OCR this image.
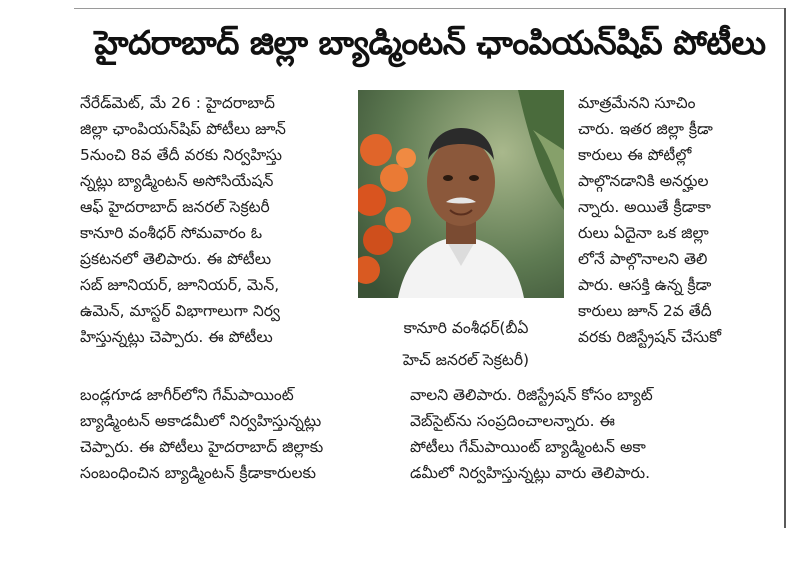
హైదరాబాద్ జిల్లా బ్యాడ్మింటన్ ఛాంపియన్‌షిప్ పోటీలు
నేరేడ్‌మెట్, మే 26 : హైదరాబాద్
జిల్లా ఛాంపియన్‌షిప్ పోటీలు జూన్
5నుంచి 8వ తేదీ వరకు నిర్వహిస్తు
న్నట్లు బ్యాడ్మింటన్ అసోసియేషన్
ఆఫ్ హైదరాబాద్ జనరల్ సెక్రటరీ
కానూరి వంశీధర్ సోమవారం ఓ
ప్రకటనలో తెలిపారు. ఈ పోటీలు
సబ్ జూనియర్, జూనియర్, మెన్,
ఉమెన్, మాస్టర్ విభాగాలుగా నిర్వ
హిస్తున్నట్లు చెప్పారు. ఈ పోటీలు
బండ్లగూడ జాగీర్‌లోని గేమ్‌పాయింట్
బ్యాడ్మింటన్ అకాడమీలో నిర్వహిస్తున్నట్లు
చెప్పారు. ఈ పోటీలు హైదరాబాద్ జిల్లాకు
సంబంధించిన బ్యాడ్మింటన్ క్రీడాకారులకు
కానూరి వంశీధర్(బీఏ
హెచ్ జనరల్ సెక్రటరీ)
మాత్రమేనని సూచిం
చారు. ఇతర జిల్లా క్రీడా
కారులు ఈ పోటీల్లో
పాల్గొనడానికి అనర్హుల
న్నారు. అయితే క్రీడాకా
రులు ఏదైనా ఒక జిల్లా
లోనే పాల్గొనాలని తెలి
పారు. ఆసక్తి ఉన్న క్రీడా
కారులు జూన్ 2వ తేదీ
వరకు రిజిస్ట్రేషన్ చేసుకో
వాలని తెలిపారు. రిజిస్ట్రేషన్ కోసం బ్యాట్
వెబ్‌సైట్‌ను సంప్రదించాలన్నారు. ఈ
పోటీలు గేమ్‌పాయింట్ బ్యాడ్మింటన్ అకా
డమీలో నిర్వహిస్తున్నట్లు వారు తెలిపారు.
